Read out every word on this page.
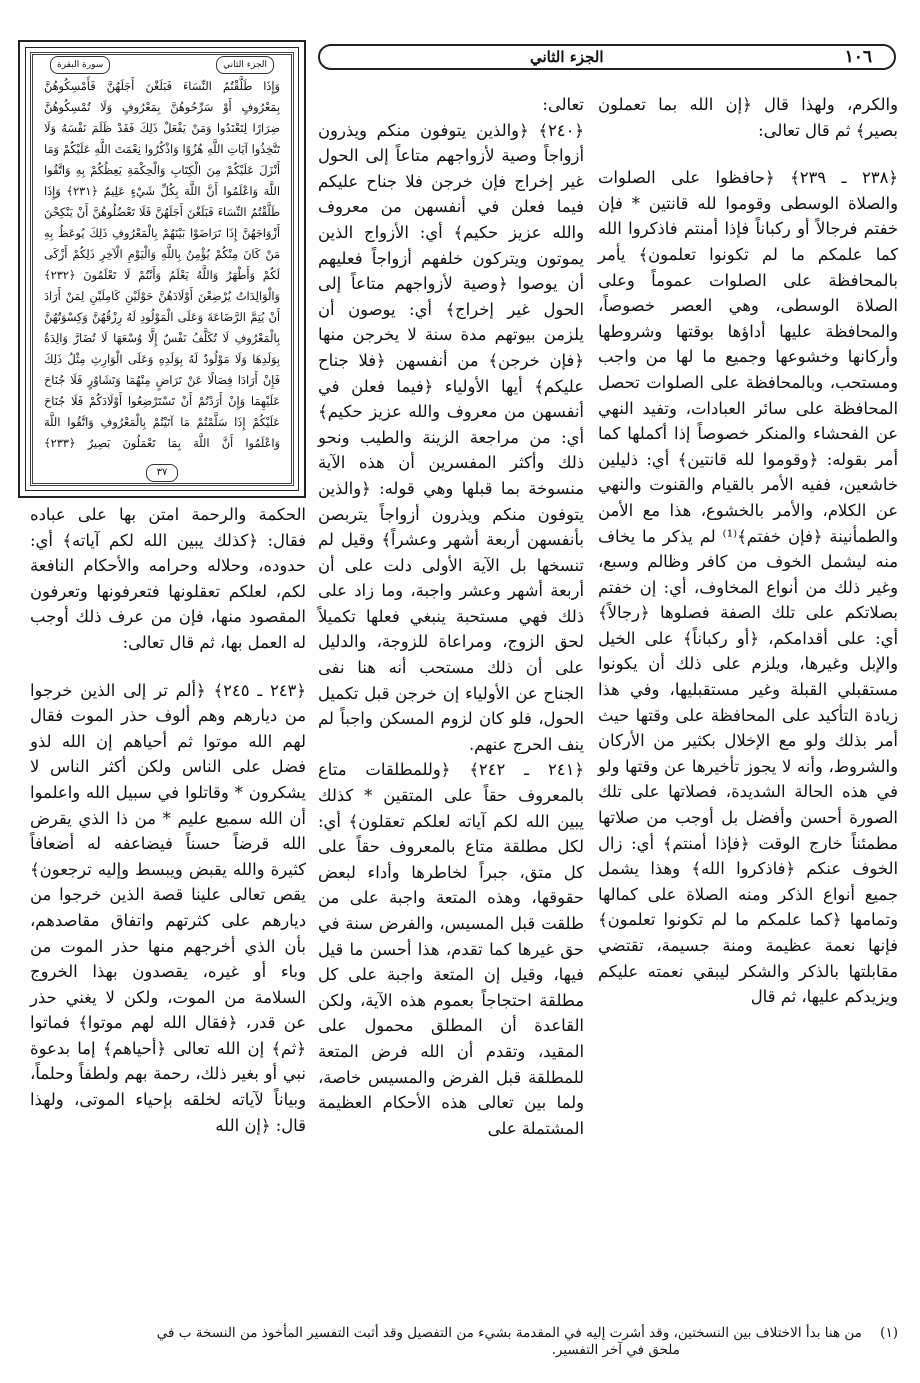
١٠٦
الجزء الثاني
الجزء الثاني
سورة البقرة
وَإِذَا طَلَّقْتُمُ النِّسَاءَ فَبَلَغْنَ أَجَلَهُنَّ فَأَمْسِكُوهُنَّ بِمَعْرُوفٍ أَوْ سَرِّحُوهُنَّ بِمَعْرُوفٍ وَلَا تُمْسِكُوهُنَّ ضِرَارًا لِتَعْتَدُوا وَمَنْ يَفْعَلْ ذَلِكَ فَقَدْ ظَلَمَ نَفْسَهُ وَلَا تَتَّخِذُوا آيَاتِ اللَّهِ هُزُوًا وَاذْكُرُوا نِعْمَتَ اللَّهِ عَلَيْكُمْ وَمَا أَنْزَلَ عَلَيْكُمْ مِنَ الْكِتَابِ وَالْحِكْمَةِ يَعِظُكُمْ بِهِ وَاتَّقُوا اللَّهَ وَاعْلَمُوا أَنَّ اللَّهَ بِكُلِّ شَيْءٍ عَلِيمٌ ﴿٢٣١﴾ وَإِذَا طَلَّقْتُمُ النِّسَاءَ فَبَلَغْنَ أَجَلَهُنَّ فَلَا تَعْضُلُوهُنَّ أَنْ يَنْكِحْنَ أَزْوَاجَهُنَّ إِذَا تَرَاضَوْا بَيْنَهُمْ بِالْمَعْرُوفِ ذَلِكَ يُوعَظُ بِهِ مَنْ كَانَ مِنْكُمْ يُؤْمِنُ بِاللَّهِ وَالْيَوْمِ الْآخِرِ ذَلِكُمْ أَزْكَى لَكُمْ وَأَطْهَرُ وَاللَّهُ يَعْلَمُ وَأَنْتُمْ لَا تَعْلَمُونَ ﴿٢٣٢﴾ وَالْوَالِدَاتُ يُرْضِعْنَ أَوْلَادَهُنَّ حَوْلَيْنِ كَامِلَيْنِ لِمَنْ أَرَادَ أَنْ يُتِمَّ الرَّضَاعَةَ وَعَلَى الْمَوْلُودِ لَهُ رِزْقُهُنَّ وَكِسْوَتُهُنَّ بِالْمَعْرُوفِ لَا تُكَلَّفُ نَفْسٌ إِلَّا وُسْعَهَا لَا تُضَارَّ وَالِدَةٌ بِوَلَدِهَا وَلَا مَوْلُودٌ لَهُ بِوَلَدِهِ وَعَلَى الْوَارِثِ مِثْلُ ذَلِكَ فَإِنْ أَرَادَا فِصَالًا عَنْ تَرَاضٍ مِنْهُمَا وَتَشَاوُرٍ فَلَا جُنَاحَ عَلَيْهِمَا وَإِنْ أَرَدْتُمْ أَنْ تَسْتَرْضِعُوا أَوْلَادَكُمْ فَلَا جُنَاحَ عَلَيْكُمْ إِذَا سَلَّمْتُمْ مَا آتَيْتُمْ بِالْمَعْرُوفِ وَاتَّقُوا اللَّهَ وَاعْلَمُوا أَنَّ اللَّهَ بِمَا تَعْمَلُونَ بَصِيرٌ ﴿٢٣٣﴾
٣٧

والكرم، ولهذا قال ﴿إن الله بما تعملون بصير﴾ ثم قال تعالى:

﴿٢٣٨ ـ ٢٣٩﴾ ﴿حافظوا على الصلوات والصلاة الوسطى وقوموا لله قانتين * فإن خفتم فرجالاً أو ركباناً فإذا أمنتم فاذكروا الله كما علمكم ما لم تكونوا تعلمون﴾ يأمر بالمحافظة على الصلوات عموماً وعلى الصلاة الوسطى، وهي العصر خصوصاً، والمحافظة عليها أداؤها بوقتها وشروطها وأركانها وخشوعها وجميع ما لها من واجب ومستحب، وبالمحافظة على الصلوات تحصل المحافظة على سائر العبادات، وتفيد النهي عن الفحشاء والمنكر خصوصاً إذا أكملها كما أمر بقوله: ﴿وقوموا لله قانتين﴾ أي: ذليلين خاشعين، ففيه الأمر بالقيام والقنوت والنهي عن الكلام، والأمر بالخشوع، هذا مع الأمن والطمأنينة ﴿فإن خفتم﴾⁽¹⁾ لم يذكر ما يخاف منه ليشمل الخوف من كافر وظالم وسبع، وغير ذلك من أنواع المخاوف، أي: إن خفتم بصلاتكم على تلك الصفة فصلوها ﴿رجالاً﴾ أي: على أقدامكم، ﴿أو ركباناً﴾ على الخيل والإبل وغيرها، ويلزم على ذلك أن يكونوا مستقبلي القبلة وغير مستقبليها، وفي هذا زيادة التأكيد على المحافظة على وقتها حيث أمر بذلك ولو مع الإخلال بكثير من الأركان والشروط، وأنه لا يجوز تأخيرها عن وقتها ولو في هذه الحالة الشديدة، فصلاتها على تلك الصورة أحسن وأفضل بل أوجب من صلاتها مطمئناً خارج الوقت ﴿فإذا أمنتم﴾ أي: زال الخوف عنكم ﴿فاذكروا الله﴾ وهذا يشمل جميع أنواع الذكر ومنه الصلاة على كمالها وتمامها ﴿كما علمكم ما لم تكونوا تعلمون﴾ فإنها نعمة عظيمة ومنة جسيمة، تقتضي مقابلتها بالذكر والشكر ليبقي نعمته عليكم ويزيدكم عليها، ثم قال

تعالى:

﴿٢٤٠﴾ ﴿والذين يتوفون منكم ويذرون أزواجاً وصية لأزواجهم متاعاً إلى الحول غير إخراج فإن خرجن فلا جناح عليكم فيما فعلن في أنفسهن من معروف والله عزيز حكيم﴾ أي: الأزواج الذين يموتون ويتركون خلفهم أزواجاً فعليهم أن يوصوا ﴿وصية لأزواجهم متاعاً إلى الحول غير إخراج﴾ أي: يوصون أن يلزمن بيوتهم مدة سنة لا يخرجن منها ﴿فإن خرجن﴾ من أنفسهن ﴿فلا جناح عليكم﴾ أيها الأولياء ﴿فيما فعلن في أنفسهن من معروف والله عزيز حكيم﴾ أي: من مراجعة الزينة والطيب ونحو ذلك وأكثر المفسرين أن هذه الآية منسوخة بما قبلها وهي قوله: ﴿والذين يتوفون منكم ويذرون أزواجاً يتربصن بأنفسهن أربعة أشهر وعشراً﴾ وقيل لم تنسخها بل الآية الأولى دلت على أن أربعة أشهر وعشر واجبة، وما زاد على ذلك فهي مستحبة ينبغي فعلها تكميلاً لحق الزوج، ومراعاة للزوجة، والدليل على أن ذلك مستحب أنه هنا نفى الجناح عن الأولياء إن خرجن قبل تكميل الحول، فلو كان لزوم المسكن واجباً لم ينف الحرج عنهم.

﴿٢٤١ ـ ٢٤٢﴾ ﴿وللمطلقات متاع بالمعروف حقاً على المتقين * كذلك يبين الله لكم آياته لعلكم تعقلون﴾ أي: لكل مطلقة متاع بالمعروف حقاً على كل متق، جبراً لخاطرها وأداء لبعض حقوقها، وهذه المتعة واجبة على من طلقت قبل المسيس، والفرض سنة في حق غيرها كما تقدم، هذا أحسن ما قيل فيها، وقيل إن المتعة واجبة على كل مطلقة احتجاجاً بعموم هذه الآية، ولكن القاعدة أن المطلق محمول على المقيد، وتقدم أن الله فرض المتعة للمطلقة قبل الفرض والمسيس خاصة، ولما بين تعالى هذه الأحكام العظيمة المشتملة على

الحكمة والرحمة امتن بها على عباده فقال: ﴿كذلك يبين الله لكم آياته﴾ أي: حدوده، وحلاله وحرامه والأحكام النافعة لكم، لعلكم تعقلونها فتعرفونها وتعرفون المقصود منها، فإن من عرف ذلك أوجب له العمل بها، ثم قال تعالى:

﴿٢٤٣ ـ ٢٤٥﴾ ﴿ألم تر إلى الذين خرجوا من ديارهم وهم ألوف حذر الموت فقال لهم الله موتوا ثم أحياهم إن الله لذو فضل على الناس ولكن أكثر الناس لا يشكرون * وقاتلوا في سبيل الله واعلموا أن الله سميع عليم * من ذا الذي يقرض الله قرضاً حسناً فيضاعفه له أضعافاً كثيرة والله يقبض ويبسط وإليه ترجعون﴾ يقص تعالى علينا قصة الذين خرجوا من ديارهم على كثرتهم واتفاق مقاصدهم، بأن الذي أخرجهم منها حذر الموت من وباء أو غيره، يقصدون بهذا الخروج السلامة من الموت، ولكن لا يغني حذر عن قدر، ﴿فقال الله لهم موتوا﴾ فماتوا ﴿ثم﴾ إن الله تعالى ﴿أحياهم﴾ إما بدعوة نبي أو بغير ذلك، رحمة بهم ولطفاً وحلماً، وبياناً لآياته لخلقه بإحياء الموتى، ولهذا قال: ﴿إن الله

(١) من هنا بدأ الاختلاف بين النسختين، وقد أشرت إليه في المقدمة بشيء من التفصيل وقد أثبت التفسير المأخوذ من النسخة ب في

ملحق في آخر التفسير.
